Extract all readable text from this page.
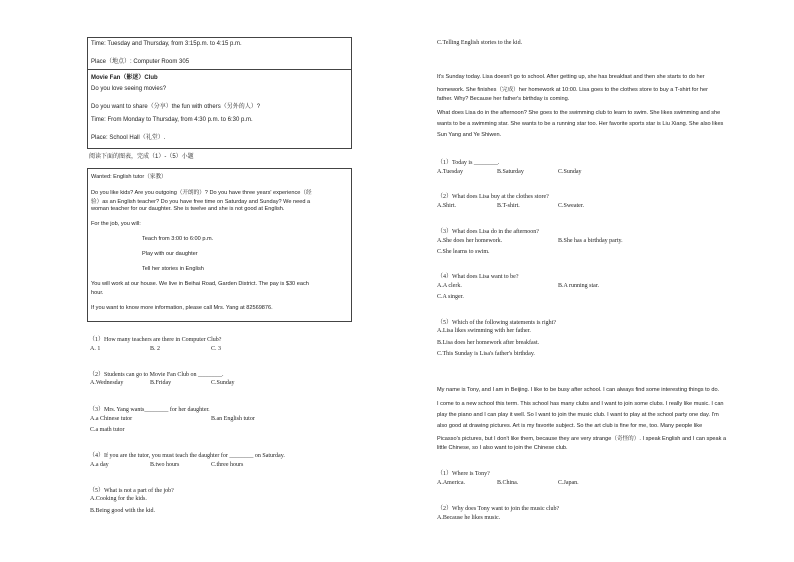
Time: Tuesday and Thursday, from 3:15p.m. to 4:15 p.m.
Place（地点）: Computer Room 305
Movie Fan（影迷）Club
Do you love seeing movies?
Do you want to share（分享）the fun with others（另外的人）?
Time: From Monday to Thursday, from 4:30 p.m. to 6:30 p.m.
Place: School Hall（礼堂）.
阅读下面的图表，完成（1）-（5）小题
Wanted: English tutor（家教）
Do you like kids? Are you outgoing（开朗的）? Do you have three years' experience（经
验）as an English teacher? Do you have free time on Saturday and Sunday? We need a
woman teacher for our daughter. She is twelve and she is not good at English.
For the job, you will:
Teach from 3:00 to 6:00 p.m.
Play with our daughter
Tell her stories in English
You will work at our house. We live in Beihai Road, Garden District. The pay is $30 each
hour.
If you want to know more information, please call Mrs. Yang at 82569876.
（1）How many teachers are there in Computer Club?
A. 1	B. 2	C. 3
（2）Students can go to Movie Fan Club on ________.
A.Wednesday	B.Friday	C.Sunday
（3）Mrs. Yang wants________ for her daughter.
A.a Chinese tutor	B.an English tutor
C.a math tutor
（4）If you are the tutor, you must teach the daughter for ________ on Saturday.
A.a day	B.two hours	C.three hours
（5）What is not a part of the job?
A.Cooking for the kids.
B.Being good with the kid.
C.Telling English stories to the kid.
It's Sunday today. Lisa doesn't go to school. After getting up, she has breakfast and then she starts to do her
homework. She finishes（完成）her homework at 10:00. Lisa goes to the clothes store to buy a T-shirt for her
father. Why? Because her father's birthday is coming.
What does Lisa do in the afternoon? She goes to the swimming club to learn to swim. She likes swimming and she
wants to be a swimming star. She wants to be a running star too. Her favorite sports star is Liu Xiang. She also likes
Sun Yang and Ye Shiwen.
（1）Today is ________.
A.Tuesday	B.Saturday	C.Sunday
（2）What does Lisa buy at the clothes store?
A.Shirt.	B.T-shirt.	C.Sweater.
（3）What does Lisa do in the afternoon?
A.She does her homework.	B.She has a birthday party.
C.She learns to swim.
（4）What does Lisa want to be?
A.A clerk.	B.A running star.
C.A singer.
（5）Which of the following statements is right?
A.Lisa likes swimming with her father.
B.Lisa does her homework after breakfast.
C.This Sunday is Lisa's father's birthday.
My name is Tony, and I am in Beijing. I like to be busy after school. I can always find some interesting things to do.
I come to a new school this term. This school has many clubs and I want to join some clubs. I really like music. I can
play the piano and I can play it well. So I want to join the music club. I want to play at the school party one day. I'm
also good at drawing pictures. Art is my favorite subject. So the art club is fine for me, too. Many people like
Picasso's pictures, but I don't like them, because they are very strange（奇怪的）. I speak English and I can speak a
little Chinese, so I also want to join the Chinese club.
（1）Where is Tony?
A.America.	B.China.	C.Japan.
（2）Why does Tony want to join the music club?
A.Because he likes music.
